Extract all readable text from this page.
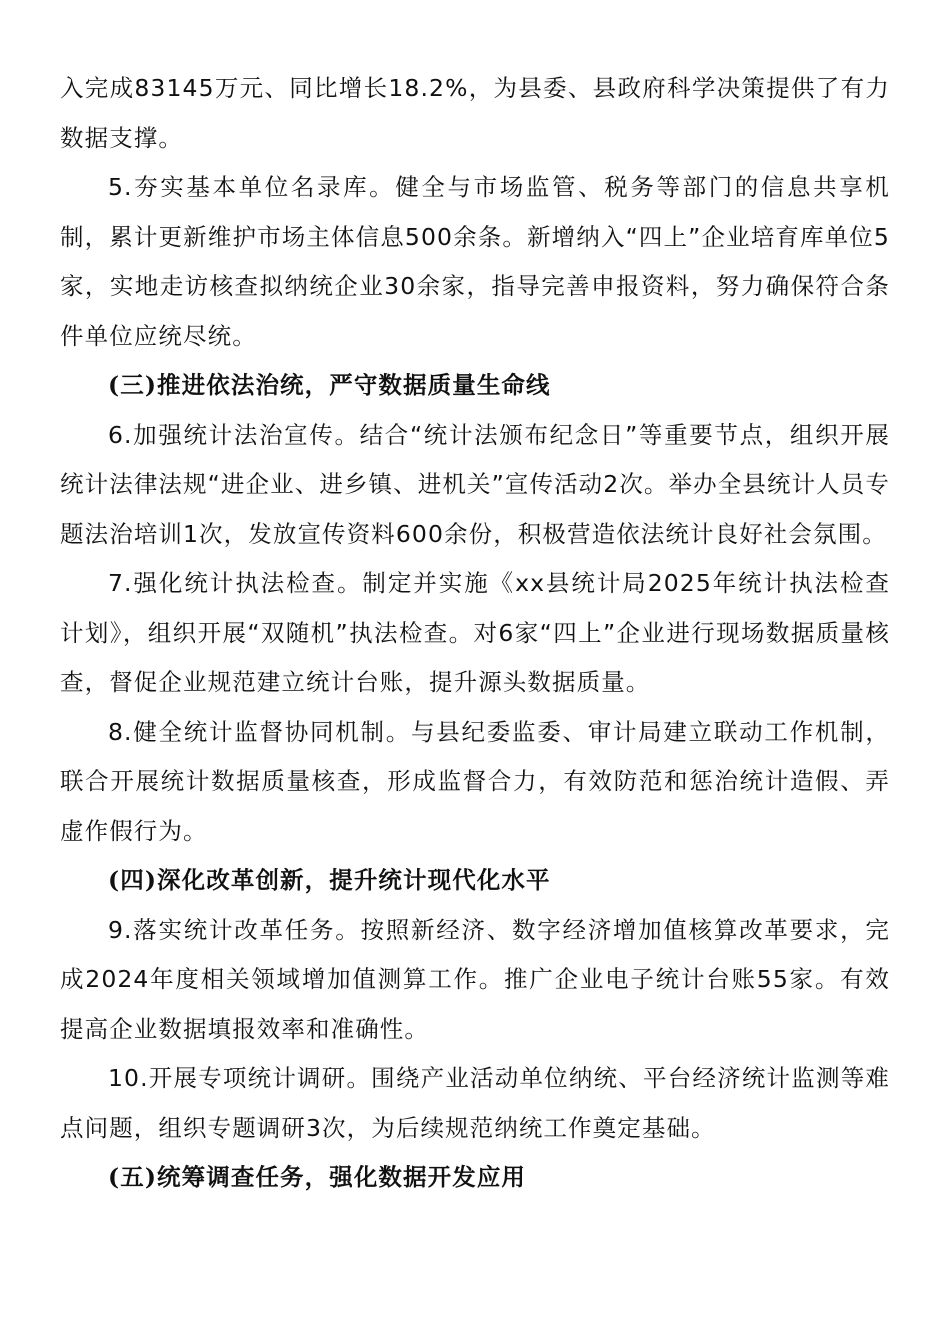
入完成83145万元、同比增长18.2%，为县委、县政府科学决策提供了有力数据支撑。

5.夯实基本单位名录库。健全与市场监管、税务等部门的信息共享机制，累计更新维护市场主体信息500余条。新增纳入“四上”企业培育库单位5家，实地走访核查拟纳统企业30余家，指导完善申报资料，努力确保符合条件单位应统尽统。

(三)推进依法治统，严守数据质量生命线

6.加强统计法治宣传。结合“统计法颁布纪念日”等重要节点，组织开展统计法律法规“进企业、进乡镇、进机关”宣传活动2次。举办全县统计人员专题法治培训1次，发放宣传资料600余份，积极营造依法统计良好社会氛围。

7.强化统计执法检查。制定并实施《xx县统计局2025年统计执法检查计划》，组织开展“双随机”执法检查。对6家“四上”企业进行现场数据质量核查，督促企业规范建立统计台账，提升源头数据质量。

8.健全统计监督协同机制。与县纪委监委、审计局建立联动工作机制，联合开展统计数据质量核查，形成监督合力，有效防范和惩治统计造假、弄虚作假行为。

(四)深化改革创新，提升统计现代化水平

9.落实统计改革任务。按照新经济、数字经济增加值核算改革要求，完成2024年度相关领域增加值测算工作。推广企业电子统计台账55家。有效提高企业数据填报效率和准确性。

10.开展专项统计调研。围绕产业活动单位纳统、平台经济统计监测等难点问题，组织专题调研3次，为后续规范纳统工作奠定基础。

(五)统筹调查任务，强化数据开发应用
